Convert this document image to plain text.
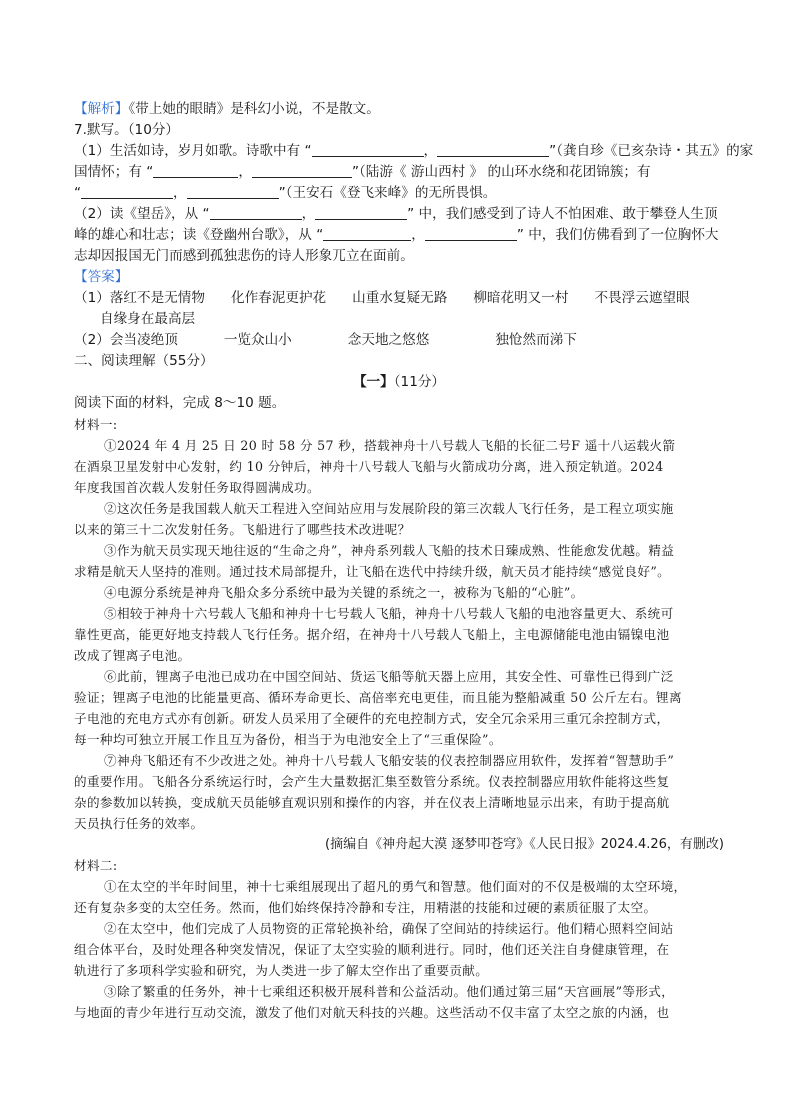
【解析】《带上她的眼睛》是科幻小说，不是散文。
7.默写。（10分）
（1）生活如诗，岁月如歌。诗歌中有 “	，	”（龚自珍《已亥杂诗・其五》的家
国情怀；有 “	，	”（陆游《 游山西村 》 的山环水绕和花团锦簇；有
“	，	”（王安石《登飞来峰》的无所畏惧。
（2）读《望岳》，从 “	，	” 中，我们感受到了诗人不怕困难、敢于攀登人生顶
峰的雄心和壮志；读《登幽州台歌》，从 “	，	” 中，我们仿佛看到了一位胸怀大
志却因报国无门而感到孤独悲伤的诗人形象兀立在面前。
【答案】
（1）落红不是无情物 化作春泥更护花 山重水复疑无路 柳暗花明又一村 不畏浮云遮望眼
自缘身在最高层
（2）会当凌绝顶	一览众山小	念天地之悠悠	独怆然而涕下
二、阅读理解（55分）
【一】（11分）
阅读下面的材料，完成 8～10 题。
材料一:
①2024 年 4 月 25 日 20 时 58 分 57 秒，搭载神舟十八号载人飞船的长征二号F 遥十八运载火箭
在酒泉卫星发射中心发射，约 10 分钟后，神舟十八号载人飞船与火箭成功分离，进入预定轨道。2024
年度我国首次载人发射任务取得圆满成功。
②这次任务是我国载人航天工程进入空间站应用与发展阶段的第三次载人飞行任务，是工程立项实施
以来的第三十二次发射任务。飞船进行了哪些技术改进呢？
③作为航天员实现天地往返的“生命之舟”，神舟系列载人飞船的技术日臻成熟、性能愈发优越。精益
求精是航天人坚持的准则。通过技术局部提升，让飞船在迭代中持续升级，航天员才能持续“感觉良好”。
④电源分系统是神舟飞船众多分系统中最为关键的系统之一，被称为飞船的“心脏”。
⑤相较于神舟十六号载人飞船和神舟十七号载人飞船，神舟十八号载人飞船的电池容量更大、系统可
靠性更高，能更好地支持载人飞行任务。据介绍，在神舟十八号载人飞船上，主电源储能电池由镉镍电池
改成了锂离子电池。
⑥此前，锂离子电池已成功在中国空间站、货运飞船等航天器上应用，其安全性、可靠性已得到广泛
验证；锂离子电池的比能量更高、循环寿命更长、高倍率充电更佳，而且能为整船减重 50 公斤左右。锂离
子电池的充电方式亦有创新。研发人员采用了全硬件的充电控制方式，安全冗余采用三重冗余控制方式，
每一种均可独立开展工作且互为备份，相当于为电池安全上了“三重保险”。
⑦神舟飞船还有不少改进之处。神舟十八号载人飞船安装的仪表控制器应用软件，发挥着“智慧助手”
的重要作用。飞船各分系统运行时，会产生大量数据汇集至数管分系统。仪表控制器应用软件能将这些复
杂的参数加以转换，变成航天员能够直观识别和操作的内容，并在仪表上清晰地显示出来，有助于提高航
天员执行任务的效率。
(摘编自《神舟起大漠 逐梦叩苍穹》《人民日报》2024.4.26，有删改)
材料二:
①在太空的半年时间里，神十七乘组展现出了超凡的勇气和智慧。他们面对的不仅是极端的太空环境，
还有复杂多变的太空任务。然而，他们始终保持冷静和专注，用精湛的技能和过硬的素质征服了太空。
②在太空中，他们完成了人员物资的正常轮换补给，确保了空间站的持续运行。他们精心照料空间站
组合体平台，及时处理各种突发情况，保证了太空实验的顺利进行。同时，他们还关注自身健康管理，在
轨进行了多项科学实验和研究，为人类进一步了解太空作出了重要贡献。
③除了繁重的任务外，神十七乘组还积极开展科普和公益活动。他们通过第三届“天宫画展”等形式，
与地面的青少年进行互动交流，激发了他们对航天科技的兴趣。这些活动不仅丰富了太空之旅的内涵，也
